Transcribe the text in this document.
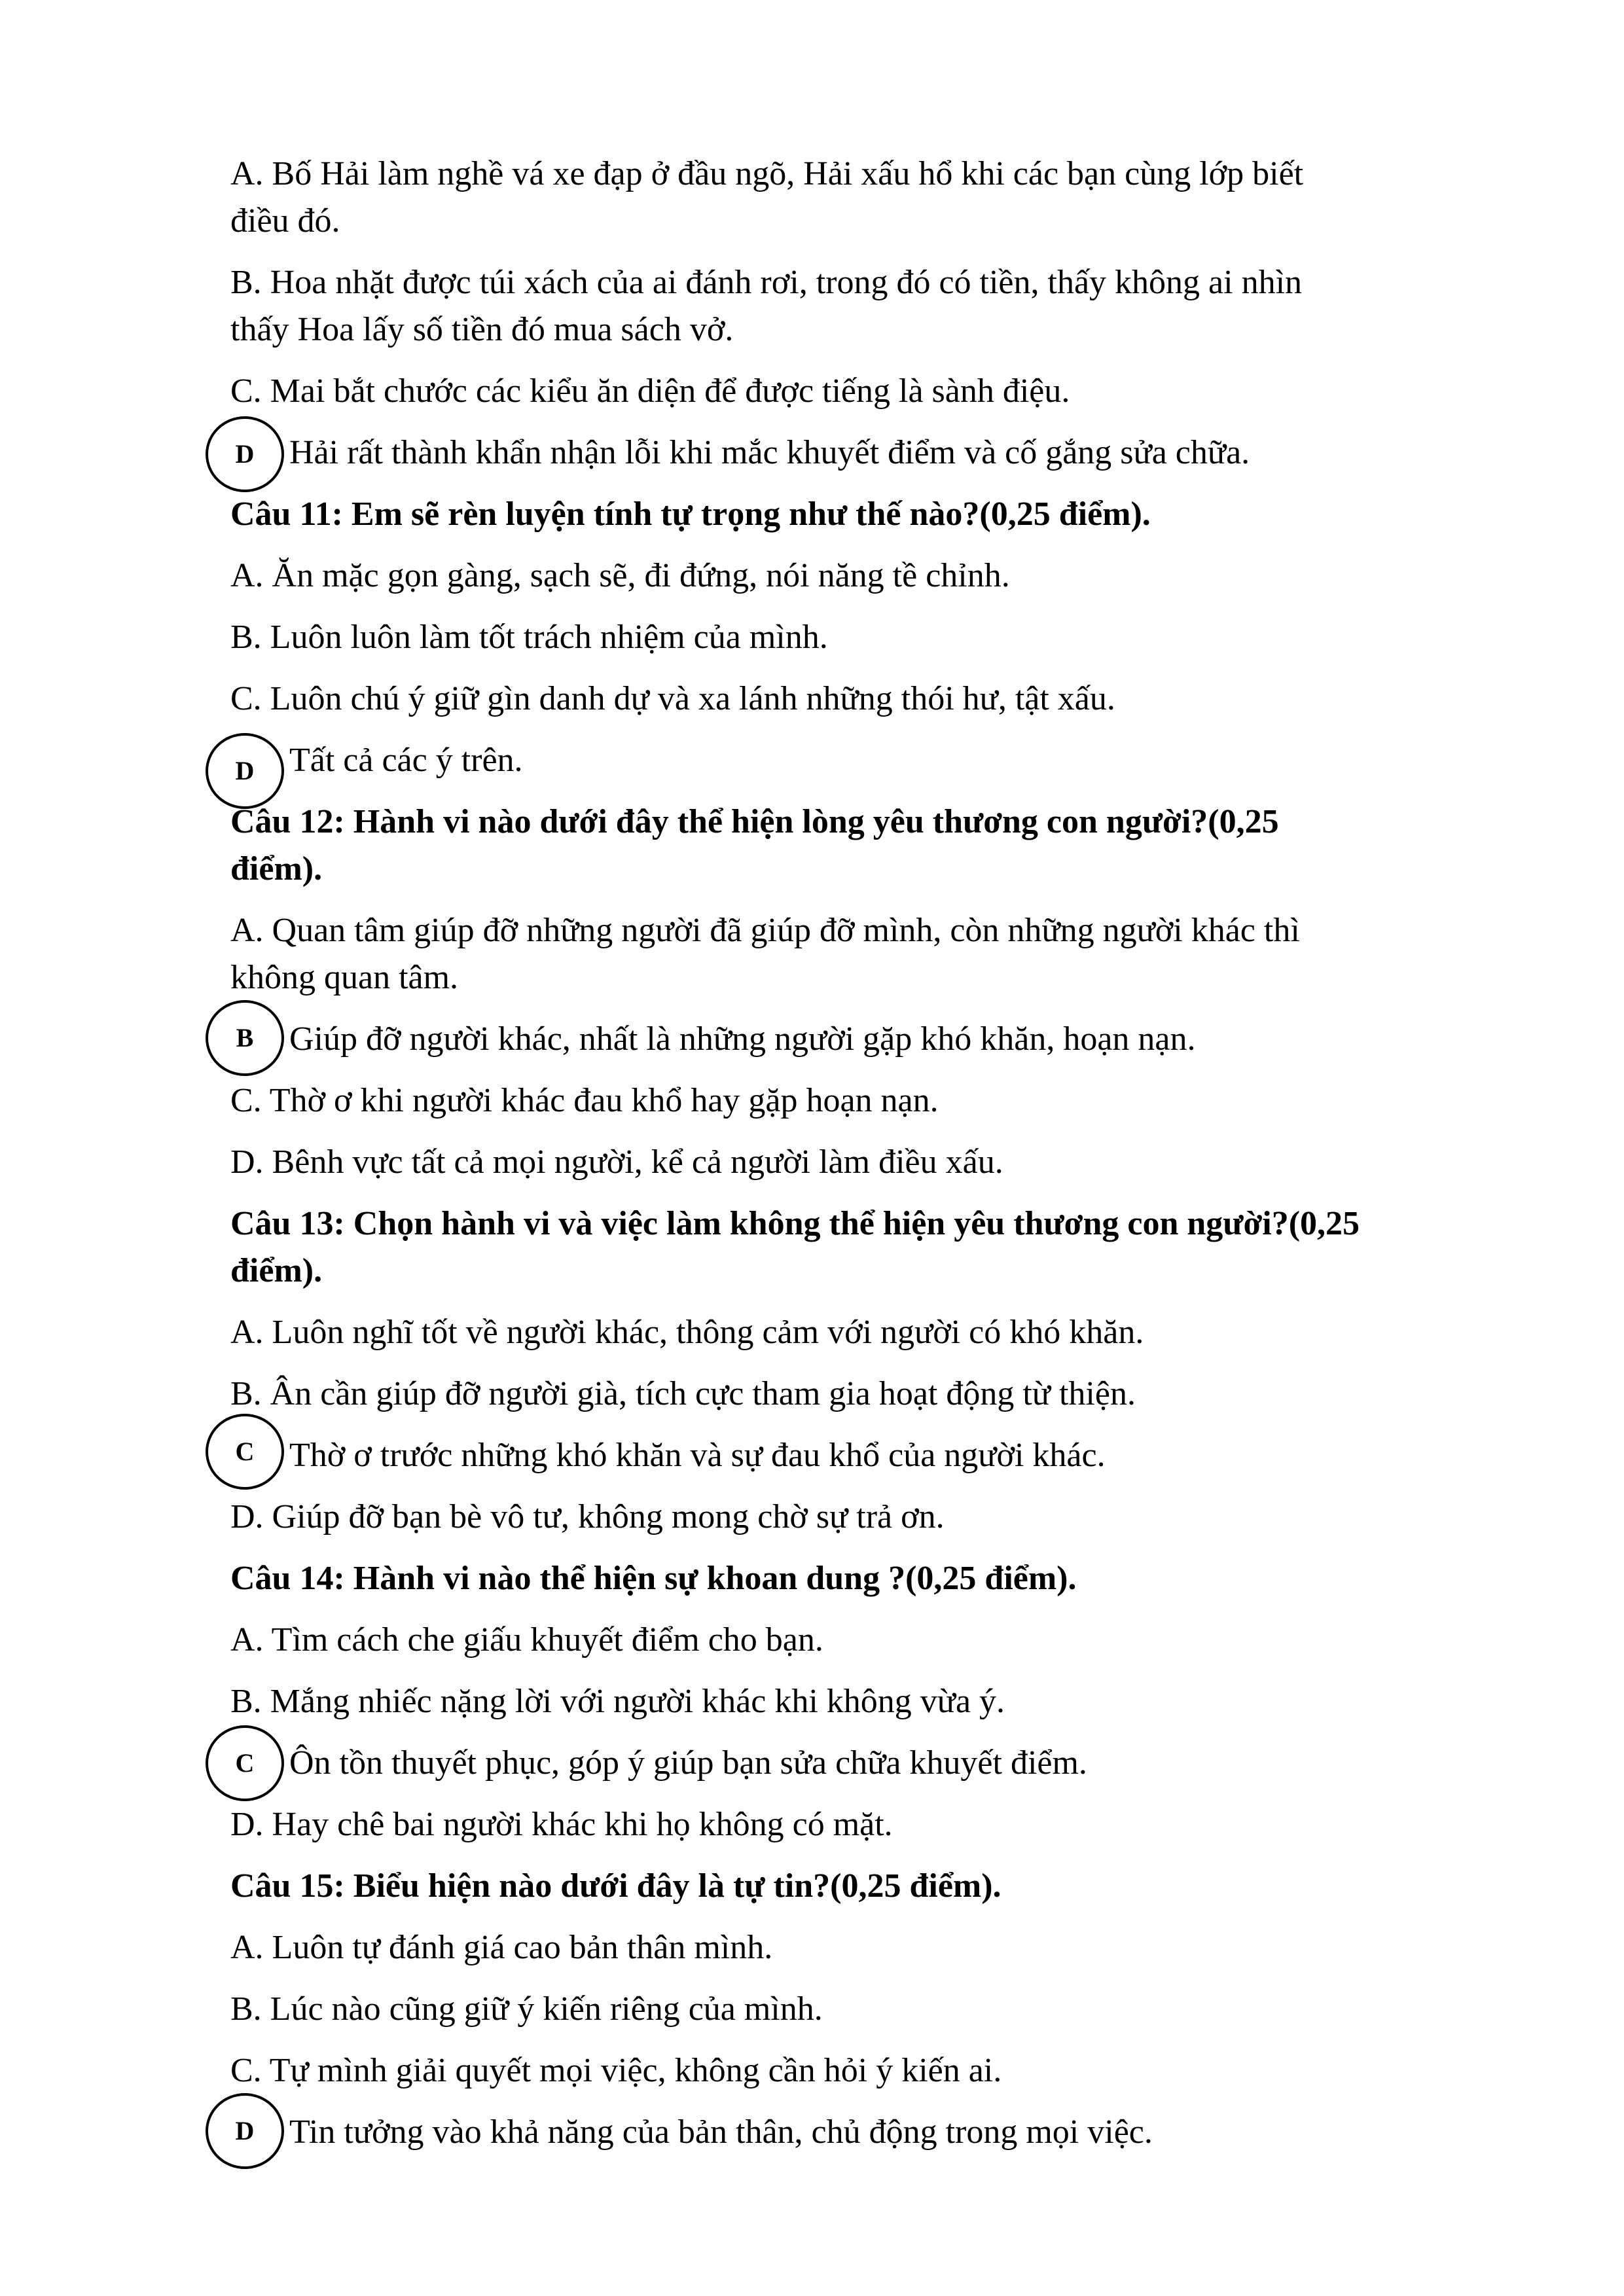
A. Bố Hải làm nghề vá xe đạp ở đầu ngõ, Hải xấu hổ khi các bạn cùng lớp biết

điều đó.

B. Hoa nhặt được túi xách của ai đánh rơi, trong đó có tiền, thấy không ai nhìn

thấy Hoa lấy số tiền đó mua sách vở.

C. Mai bắt chước các kiểu ăn diện để được tiếng là sành điệu.

D	Hải rất thành khẩn nhận lỗi khi mắc khuyết điểm và cố gắng sửa chữa.

Câu 11: Em sẽ rèn luyện tính tự trọng như thế nào?(0,25 điểm).

A. Ăn mặc gọn gàng, sạch sẽ, đi đứng, nói năng tề chỉnh.

B. Luôn luôn làm tốt trách nhiệm của mình.

C. Luôn chú ý giữ gìn danh dự và xa lánh những thói hư, tật xấu.

D	Tất cả các ý trên.

Câu 12: Hành vi nào dưới đây thể hiện lòng yêu thương con người?(0,25

điểm).

A. Quan tâm giúp đỡ những người đã giúp đỡ mình, còn những người khác thì

không quan tâm.

B	Giúp đỡ người khác, nhất là những người gặp khó khăn, hoạn nạn.

C. Thờ ơ khi người khác đau khổ hay gặp hoạn nạn.

D. Bênh vực tất cả mọi người, kể cả người làm điều xấu.

Câu 13: Chọn hành vi và việc làm không thể hiện yêu thương con người?(0,25

điểm).

A. Luôn nghĩ tốt về người khác, thông cảm với người có khó khăn.

B. Ân cần giúp đỡ người già, tích cực tham gia hoạt động từ thiện.

C	Thờ ơ trước những khó khăn và sự đau khổ của người khác.

D. Giúp đỡ bạn bè vô tư, không mong chờ sự trả ơn.

Câu 14: Hành vi nào thể hiện sự khoan dung ?(0,25 điểm).

A. Tìm cách che giấu khuyết điểm cho bạn.

B. Mắng nhiếc nặng lời với người khác khi không vừa ý.

C	Ôn tồn thuyết phục, góp ý giúp bạn sửa chữa khuyết điểm.

D. Hay chê bai người khác khi họ không có mặt.

Câu 15: Biểu hiện nào dưới đây là tự tin?(0,25 điểm).

A. Luôn tự đánh giá cao bản thân mình.

B. Lúc nào cũng giữ ý kiến riêng của mình.

C. Tự mình giải quyết mọi việc, không cần hỏi ý kiến ai.

D	Tin tưởng vào khả năng của bản thân, chủ động trong mọi việc.
